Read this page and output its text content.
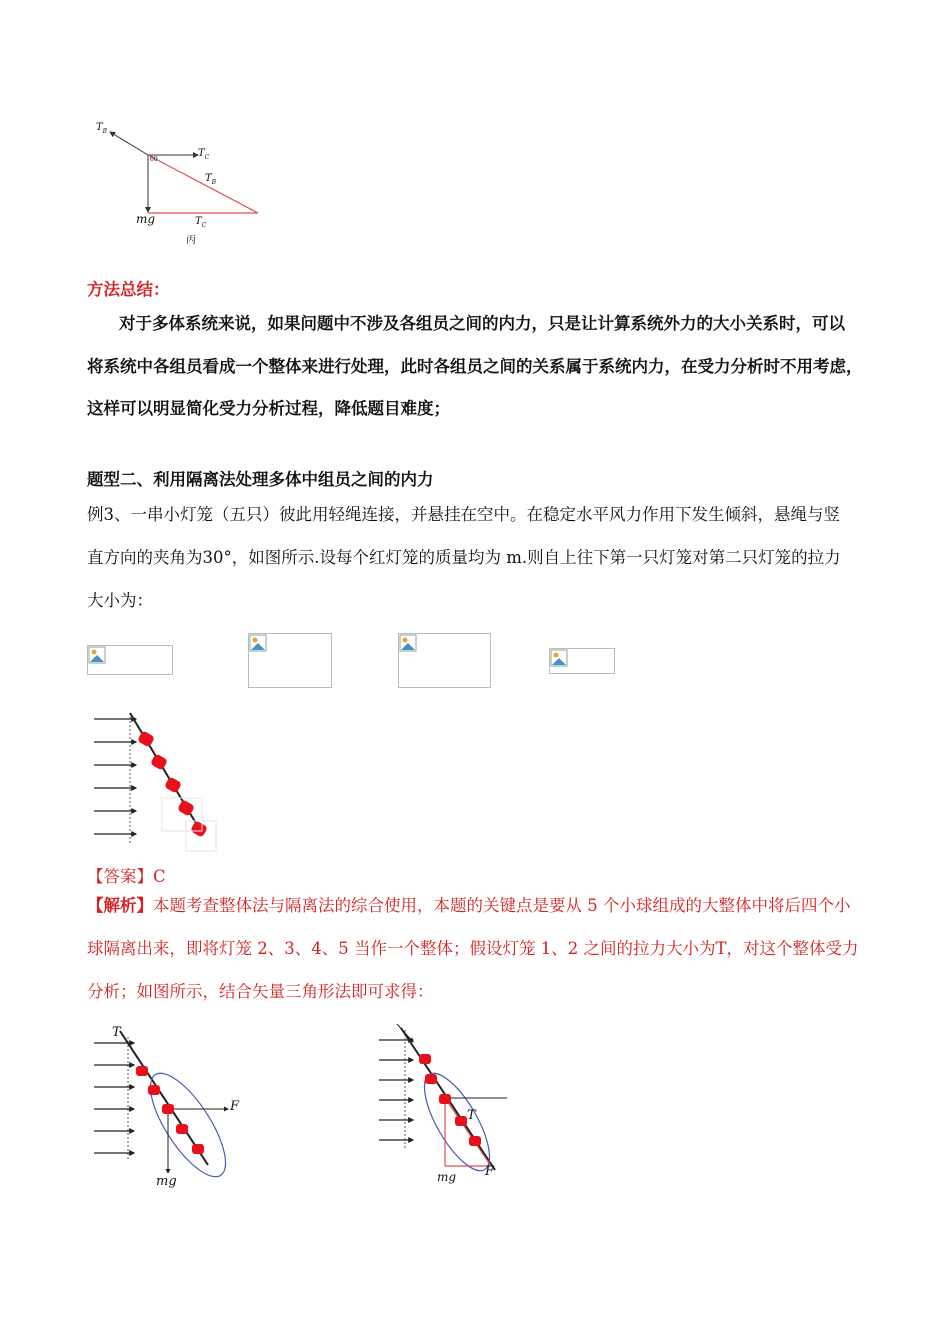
$T_B$
$T_C$
60
$T_B$
mg	$T_C$
丙
方法总结：
对于多体系统来说，如果问题中不涉及各组员之间的内力，只是让计算系统外力的大小关系时，可以
将系统中各组员看成一个整体来进行处理，此时各组员之间的关系属于系统内力，在受力分析时不用考虑，
这样可以明显简化受力分析过程，降低题目难度；
题型二、利用隔离法处理多体中组员之间的内力
例3、一串小灯笼（五只）彼此用轻绳连接，并悬挂在空中。在稳定水平风力作用下发生倾斜，悬绳与竖
直方向的夹角为30°，如图所示.设每个红灯笼的质量均为 m.则自上往下第一只灯笼对第二只灯笼的拉力
大小为：
【答案】C
【解析】本题考查整体法与隔离法的综合使用，本题的关键点是要从 5 个小球组成的大整体中将后四个小
球隔离出来，即将灯笼 2、3、4、5 当作一个整体；假设灯笼 1、2 之间的拉力大小为T，对这个整体受力
分析；如图所示，结合矢量三角形法即可求得：
T
F
mg
T
F
mg
